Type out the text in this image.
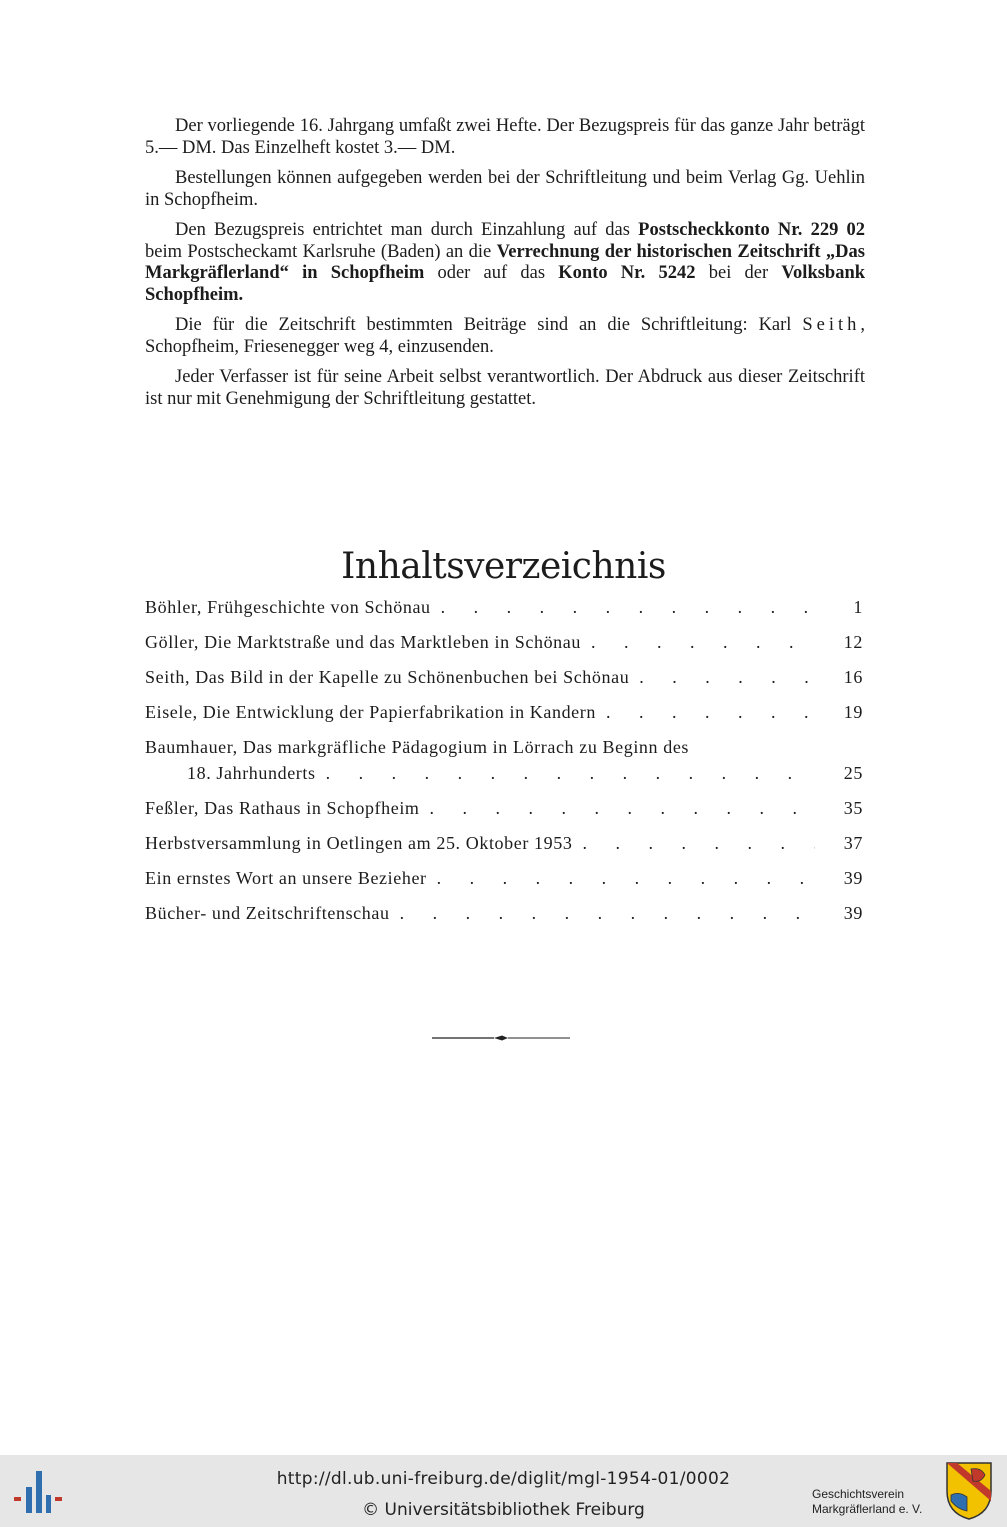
Der vorliegende 16. Jahrgang umfaßt zwei Hefte. Der Bezugspreis für das ganze Jahr beträgt 5.— DM. Das Einzelheft kostet 3.— DM.

Bestellungen können aufgegeben werden bei der Schriftleitung und beim Verlag Gg. Uehlin in Schopfheim.

Den Bezugspreis entrichtet man durch Einzahlung auf das Postscheckkonto Nr. 229 02 beim Postscheckamt Karlsruhe (Baden) an die Verrechnung der historischen Zeitschrift „Das Markgräflerland“ in Schopfheim oder auf das Konto Nr. 5242 bei der Volksbank Schopfheim.

Die für die Zeitschrift bestimmten Beiträge sind an die Schriftleitung: Karl Seith, Schopfheim, Friesenegger weg 4, einzusenden.

Jeder Verfasser ist für seine Arbeit selbst verantwortlich. Der Abdruck aus dieser Zeitschrift ist nur mit Genehmigung der Schriftleitung gestattet.

Inhaltsverzeichnis
Böhler, Frühgeschichte von Schönau . . .	1
Göller, Die Marktstraße und das Marktleben in Schönau . . .	12
Seith, Das Bild in der Kapelle zu Schönenbuchen bei Schönau . . .	16
Eisele, Die Entwicklung der Papierfabrikation in Kandern . . .	19
Baumhauer, Das markgräfliche Pädagogium in Lörrach zu Beginn des
18. Jahrhunderts . . .	25
Feßler, Das Rathaus in Schopfheim . . .	35
Herbstversammlung in Oetlingen am 25. Oktober 1953 . . .	37
Ein ernstes Wort an unsere Bezieher . . .	39
Bücher- und Zeitschriftenschau . . .	39
http://dl.ub.uni-freiburg.de/diglit/mgl-1954-01/0002
© Universitätsbibliothek Freiburg
Geschichtsverein
Markgräflerland e. V.
